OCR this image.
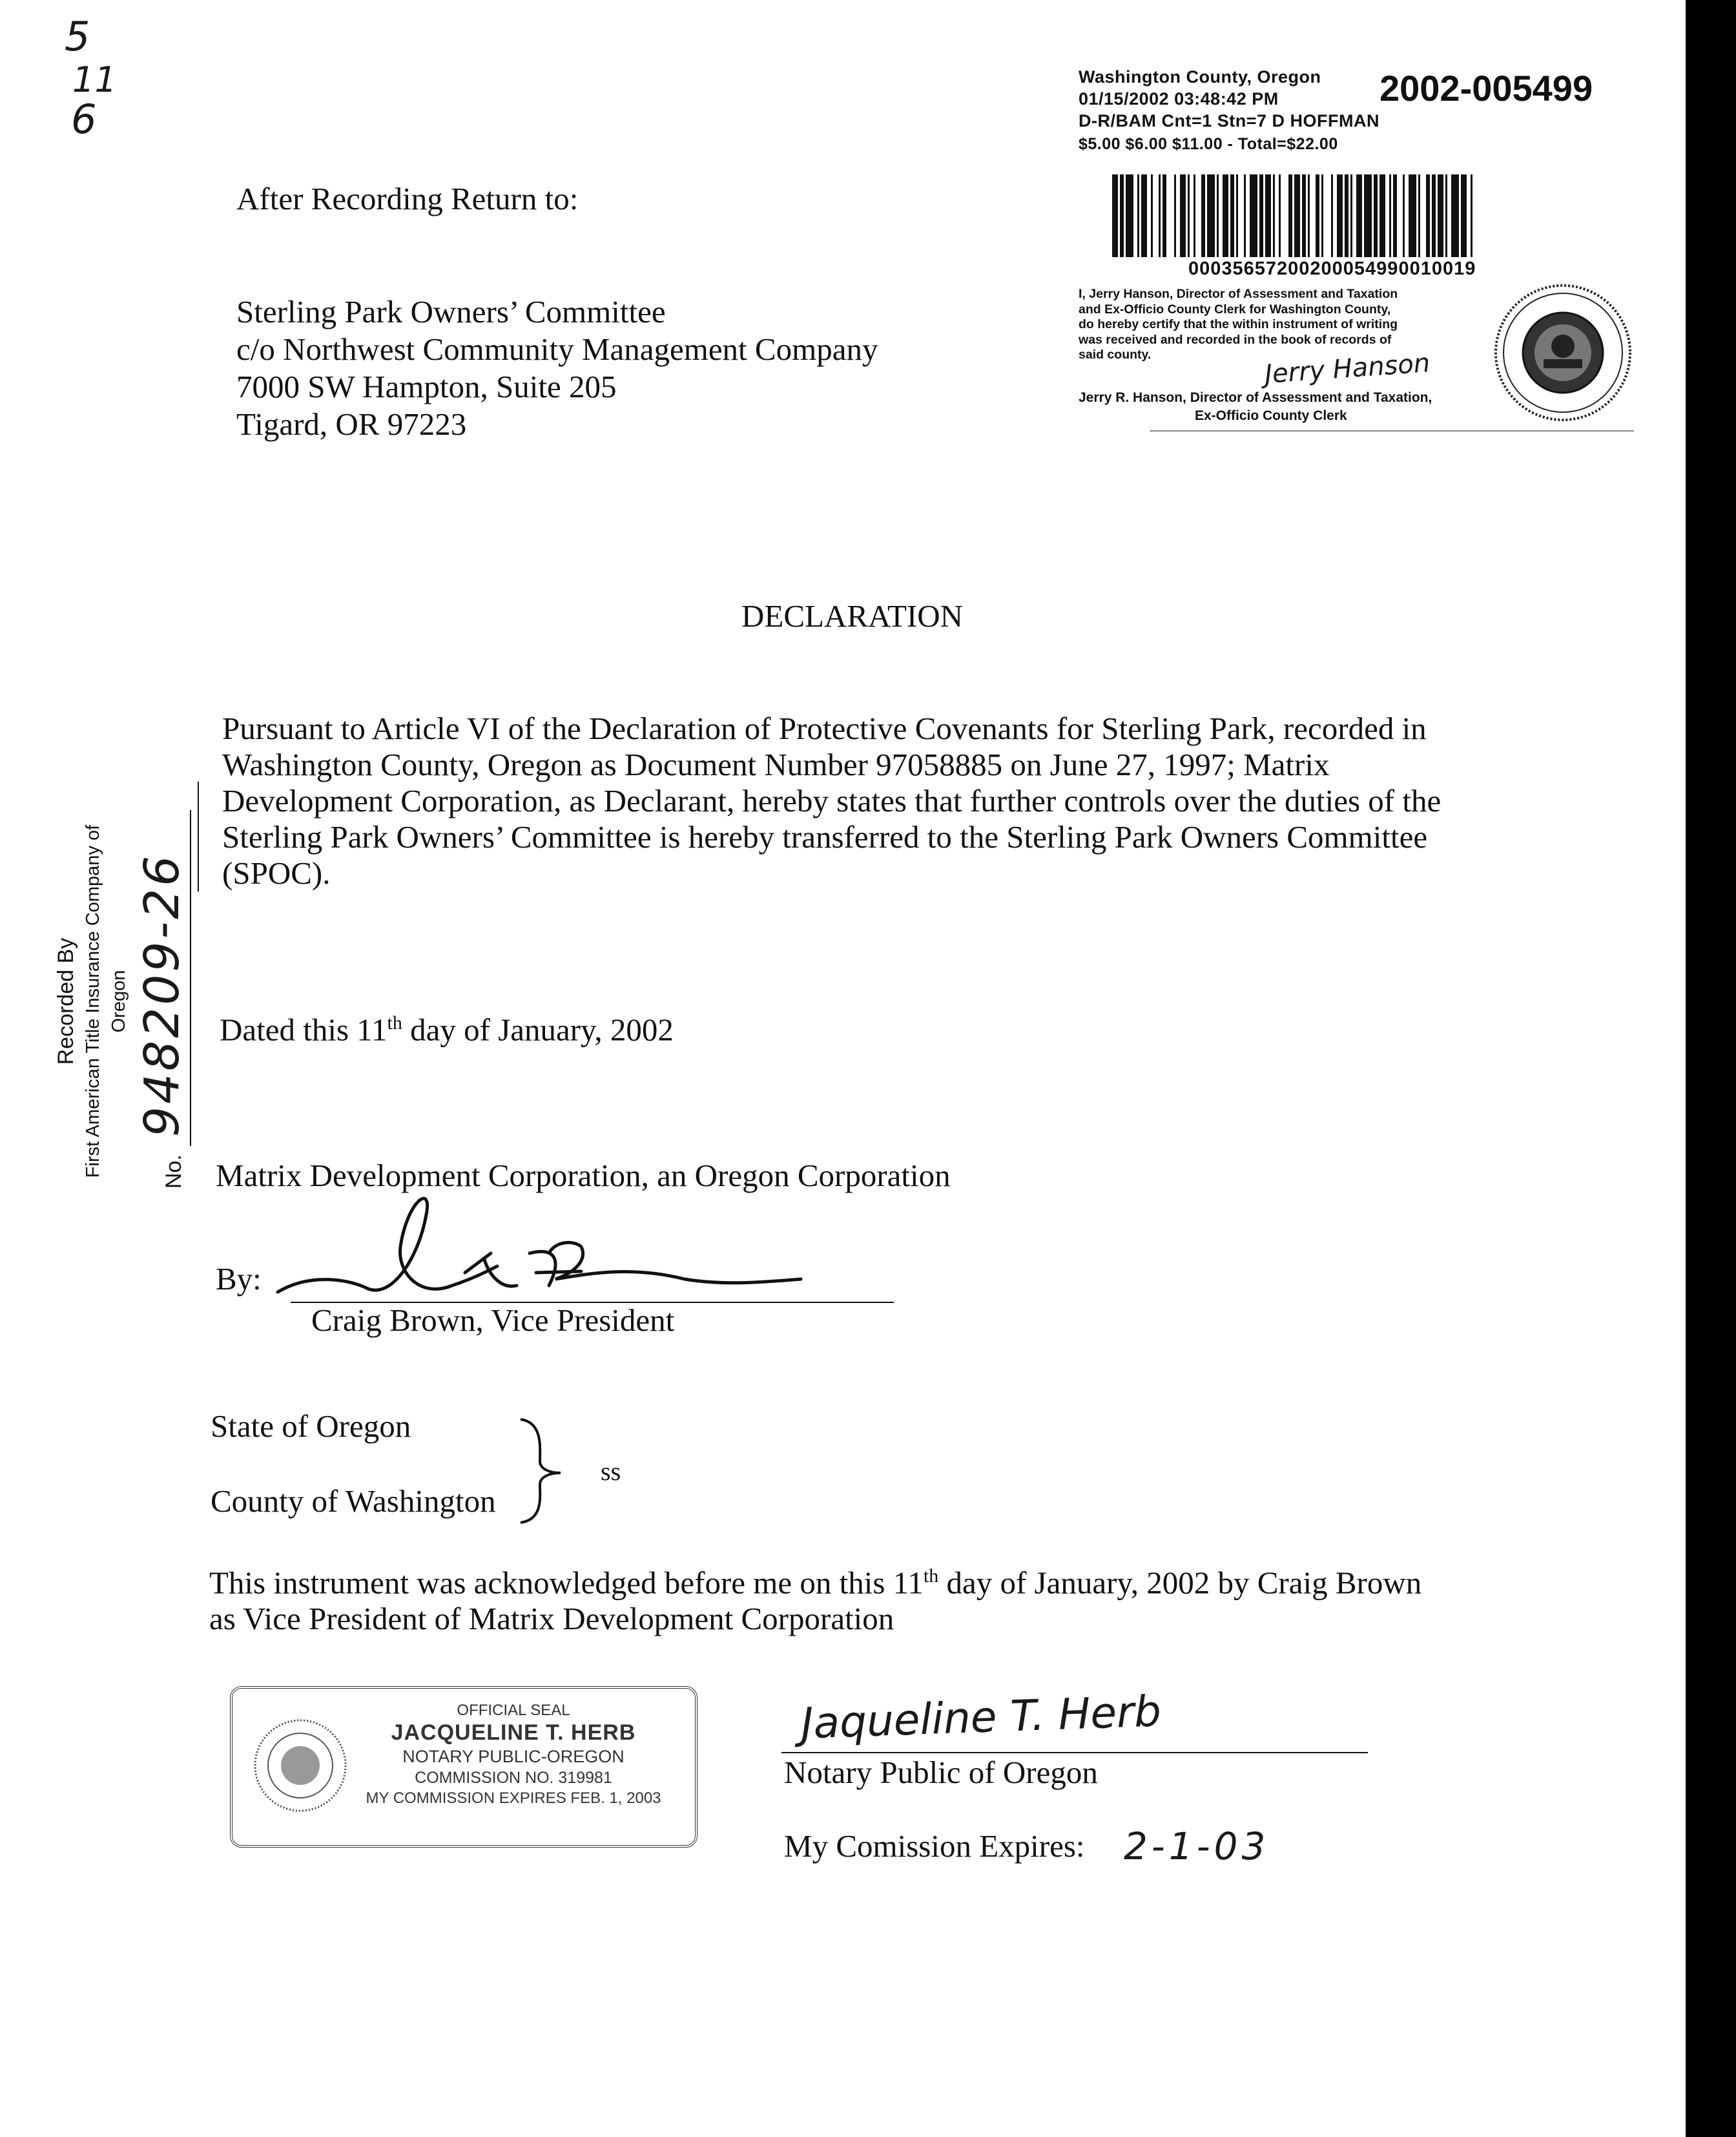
5
11
6
Washington County, Oregon 2002-005499
01/15/2002 03:48:42 PM
D-R/BAM Cnt=1 Stn=7 D HOFFMAN
$5.00 $6.00 $11.00 - Total=$22.00
00035657200200054990010019
I, Jerry Hanson, Director of Assessment and Taxation
and Ex-Officio County Clerk for Washington County,
do hereby certify that the within instrument of writing
was received and recorded in the book of records of
said county.	Jerry Hanson
Jerry R. Hanson, Director of Assessment and Taxation,
Ex-Officio County Clerk
After Recording Return to:
Sterling Park Owners’ Committee
c/o Northwest Community Management Company
7000 SW Hampton, Suite 205
Tigard, OR 97223
DECLARATION
Pursuant to Article VI of the Declaration of Protective Covenants for Sterling Park, recorded in
Washington County, Oregon as Document Number 97058885 on June 27, 1997; Matrix
Development Corporation, as Declarant, hereby states that further controls over the duties of the
Sterling Park Owners’ Committee is hereby transferred to the Sterling Park Owners Committee
(SPOC).
Recorded By First American Title Insurance Company of Oregon
No.
948209-26 Dated this 11th day of January, 2002
Matrix Development Corporation, an Oregon Corporation
By:
Craig Brown, Vice President
State of Oregon
County of Washington
ss
This instrument was acknowledged before me on this 11th day of January, 2002 by Craig Brown
as Vice President of Matrix Development Corporation
OFFICIAL SEAL
JACQUELINE T. HERB
NOTARY PUBLIC-OREGON
COMMISSION NO. 319981
MY COMMISSION EXPIRES FEB. 1, 2003
Jaqueline T. Herb
Notary Public of Oregon
My Comission Expires: 2-1-03
